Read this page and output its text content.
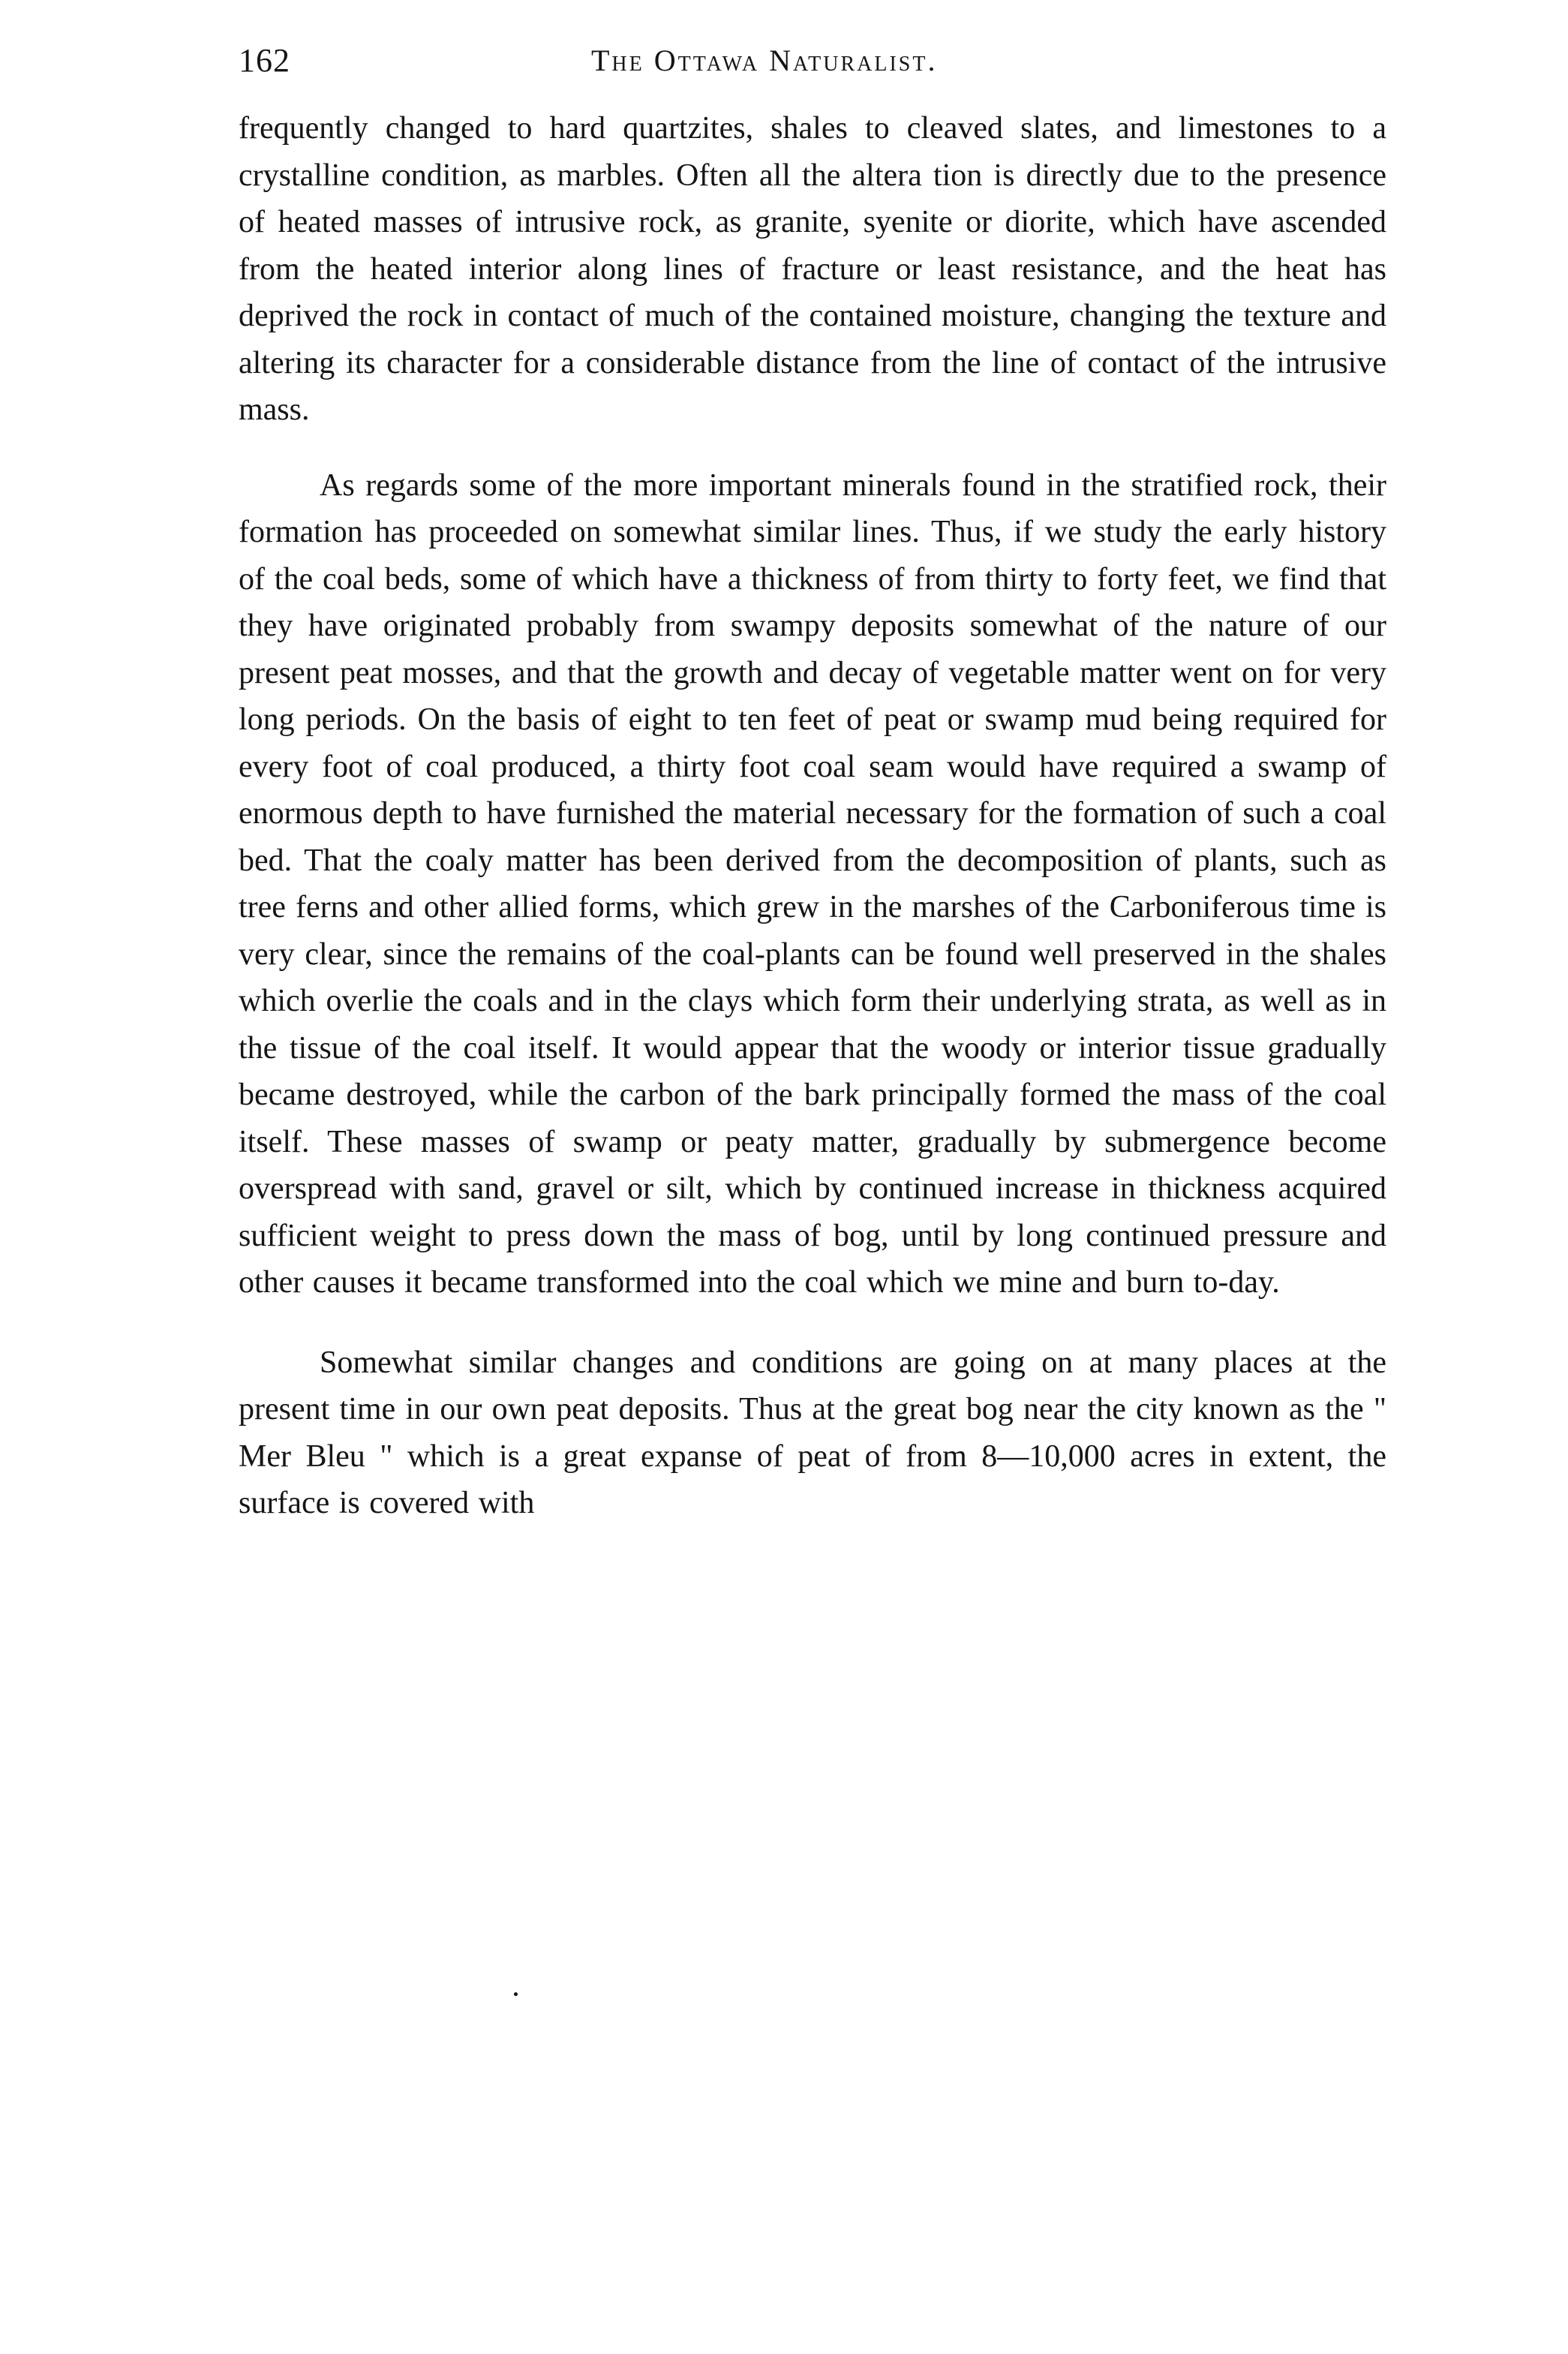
162	The Ottawa Naturalist.

frequently changed to hard quartzites, shales to cleaved slates, and limestones to a crystalline condition, as marbles. Often all the altera tion is directly due to the presence of heated masses of intrusive rock, as granite, syenite or diorite, which have ascended from the heated interior along lines of fracture or least resistance, and the heat has deprived the rock in contact of much of the contained moisture, changing the texture and altering its character for a considerable distance from the line of contact of the intrusive mass.

As regards some of the more important minerals found in the stratified rock, their formation has proceeded on somewhat similar lines. Thus, if we study the early history of the coal beds, some of which have a thickness of from thirty to forty feet, we find that they have originated probably from swampy deposits somewhat of the nature of our present peat mosses, and that the growth and decay of vegetable matter went on for very long periods. On the basis of eight to ten feet of peat or swamp mud being required for every foot of coal produced, a thirty foot coal seam would have required a swamp of enormous depth to have furnished the material necessary for the formation of such a coal bed. That the coaly matter has been derived from the decomposition of plants, such as tree ferns and other allied forms, which grew in the marshes of the Carboniferous time is very clear, since the remains of the coal-plants can be found well preserved in the shales which overlie the coals and in the clays which form their underlying strata, as well as in the tissue of the coal itself. It would appear that the woody or interior tissue gradually became destroyed, while the carbon of the bark principally formed the mass of the coal itself. These masses of swamp or peaty matter, gradually by submergence become overspread with sand, gravel or silt, which by continued increase in thickness acquired sufficient weight to press down the mass of bog, until by long continued pressure and other causes it became transformed into the coal which we mine and burn to-day.

Somewhat similar changes and conditions are going on at many places at the present time in our own peat deposits. Thus at the great bog near the city known as the " Mer Bleu " which is a great expanse of peat of from 8—10,000 acres in extent, the surface is covered with
